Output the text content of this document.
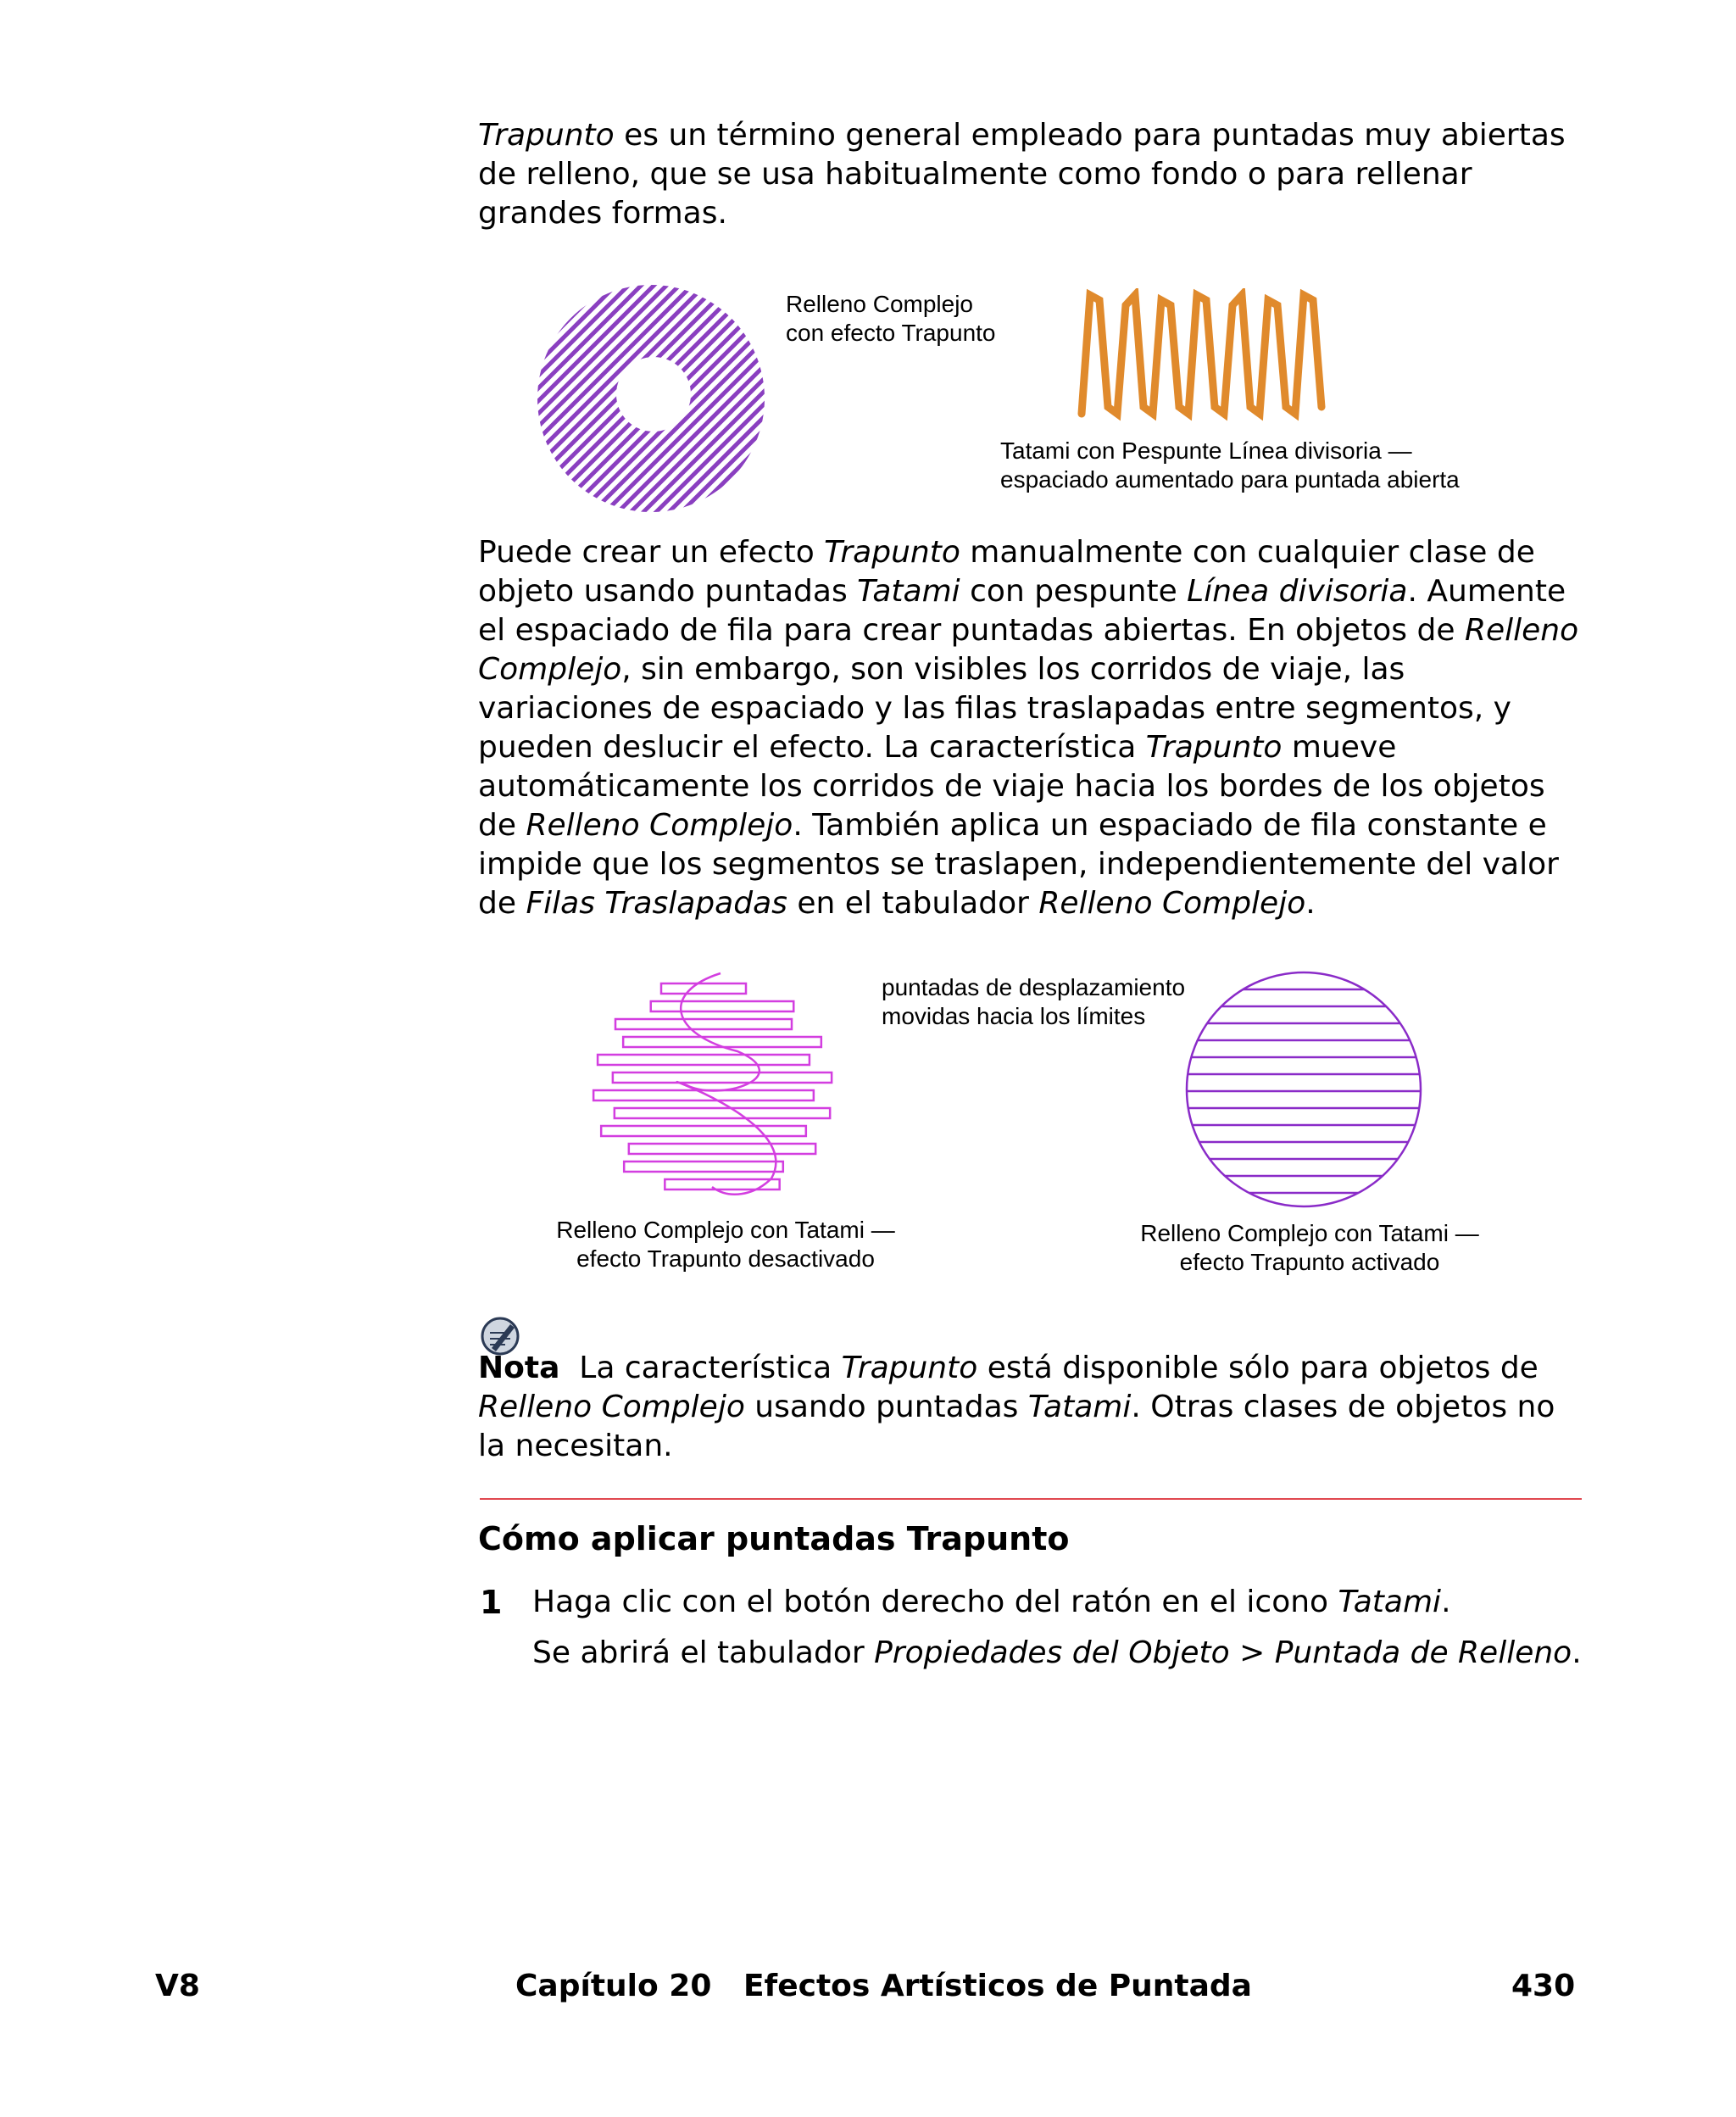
Trapunto es un término general empleado para puntadas muy abiertas de relleno, que se usa habitualmente como fondo o para rellenar grandes formas.

Relleno Complejo
con efecto Trapunto
Tatami con Pespunte Línea divisoria —
espaciado aumentado para puntada abierta

Puede crear un efecto Trapunto manualmente con cualquier clase de objeto usando puntadas Tatami con pespunte Línea divisoria. Aumente el espaciado de fila para crear puntadas abiertas. En objetos de Relleno Complejo, sin embargo, son visibles los corridos de viaje, las variaciones de espaciado y las filas traslapadas entre segmentos, y pueden deslucir el efecto. La característica Trapunto mueve automáticamente los corridos de viaje hacia los bordes de los objetos de Relleno Complejo. También aplica un espaciado de fila constante e impide que los segmentos se traslapen, independientemente del valor de Filas Traslapadas en el tabulador Relleno Complejo.

puntadas de desplazamiento
movidas hacia los límites
Relleno Complejo con Tatami —
efecto Trapunto desactivado
Relleno Complejo con Tatami —
efecto Trapunto activado

Nota  La característica Trapunto está disponible sólo para objetos de Relleno Complejo usando puntadas Tatami. Otras clases de objetos no la necesitan.

Cómo aplicar puntadas Trapunto
1 Haga clic con el botón derecho del ratón en el icono Tatami.
Se abrirá el tabulador Propiedades del Objeto > Puntada de Relleno.
V8	Capítulo 20   Efectos Artísticos de Puntada	430
